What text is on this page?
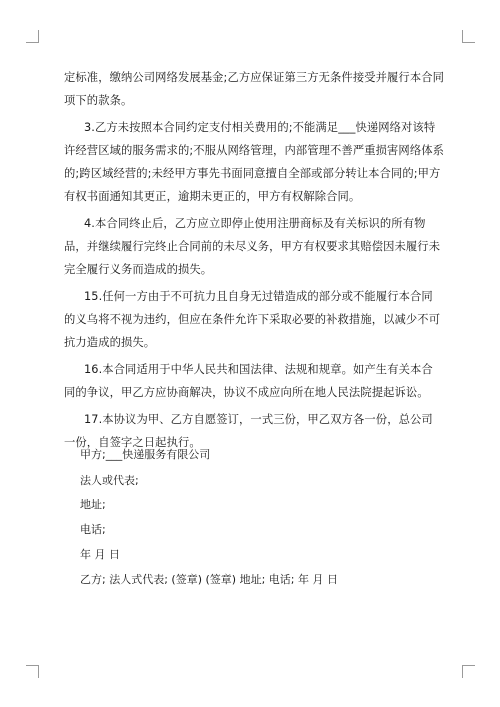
定标准，缴纳公司网络发展基金;乙方应保证第三方无条件接受并履行本合同项下的款条。

3.乙方未按照本合同约定支付相关费用的;不能满足___快递网络对该特许经营区域的服务需求的;不服从网络管理，内部管理不善严重损害网络体系的;跨区域经营的;未经甲方事先书面同意擅自全部或部分转让本合同的;甲方有权书面通知其更正，逾期未更正的，甲方有权解除合同。

4.本合同终止后，乙方应立即停止使用注册商标及有关标识的所有物品，并继续履行完终止合同前的未尽义务，甲方有权要求其赔偿因未履行未完全履行义务而造成的损失。

15.任何一方由于不可抗力且自身无过错造成的部分或不能履行本合同的义乌将不视为违约，但应在条件允许下采取必要的补救措施，以减少不可抗力造成的损失。

16.本合同适用于中华人民共和国法律、法规和规章。如产生有关本合同的争议，甲乙方应协商解决，协议不成应向所在地人民法院提起诉讼。

17.本协议为甲、乙方自愿签订，一式三份，甲乙双方各一份，总公司一份，自签字之日起执行。

甲方;___快递服务有限公司
法人或代表;
地址;
电话;
年 月 日
乙方; 法人式代表; (签章) (签章) 地址; 电话; 年 月 日
